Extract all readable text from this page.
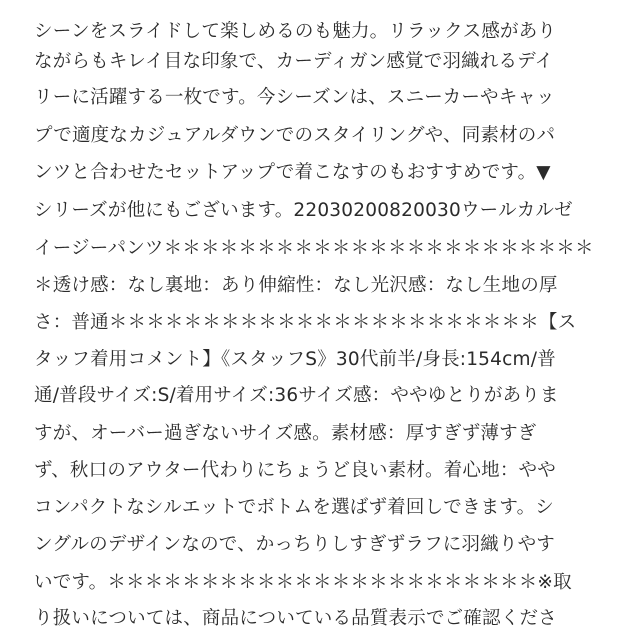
シーンをスライドして楽しめるのも魅力。リラックス感があり
ながらもキレイ目な印象で、カーディガン感覚で羽織れるデイ
リーに活躍する一枚です。今シーズンは、スニーカーやキャッ
プで適度なカジュアルダウンでのスタイリングや、同素材のパ
ンツと合わせたセットアップで着こなすのもおすすめです。▼
シリーズが他にもございます。22030200820030ウールカルゼ
イージーパンツ＊＊＊＊＊＊＊＊＊＊＊＊＊＊＊＊＊＊＊＊＊＊＊
＊透け感：なし裏地：あり伸縮性：なし光沢感：なし生地の厚
さ：普通＊＊＊＊＊＊＊＊＊＊＊＊＊＊＊＊＊＊＊＊＊＊＊【ス
タッフ着用コメント】《スタッフS》30代前半/身長:154cm/普
通/普段サイズ:S/着用サイズ:36サイズ感：ややゆとりがありま
すが、オーバー過ぎないサイズ感。素材感：厚すぎず薄すぎ
ず、秋口のアウター代わりにちょうど良い素材。着心地：やや
コンパクトなシルエットでボトムを選ばず着回しできます。シ
ングルのデザインなので、かっちりしすぎずラフに羽織りやす
いです。＊＊＊＊＊＊＊＊＊＊＊＊＊＊＊＊＊＊＊＊＊＊＊※取
り扱いについては、商品についている品質表示でご確認くださ
